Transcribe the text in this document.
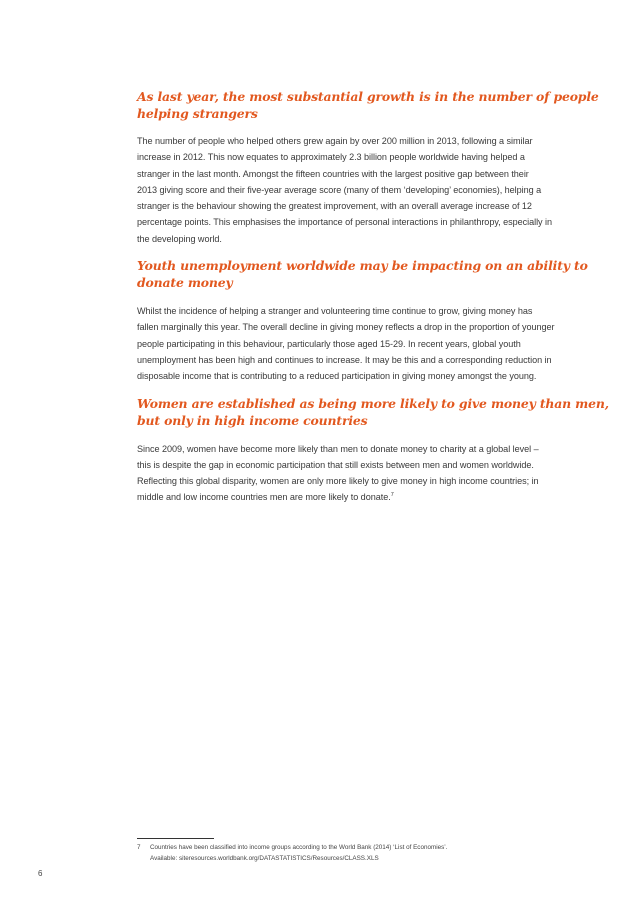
As last year, the most substantial growth is in the number of people
helping strangers

The number of people who helped others grew again by over 200 million in 2013, following a similar
increase in 2012. This now equates to approximately 2.3 billion people worldwide having helped a
stranger in the last month. Amongst the fifteen countries with the largest positive gap between their
2013 giving score and their five-year average score (many of them ‘developing’ economies), helping a
stranger is the behaviour showing the greatest improvement, with an overall average increase of 12
percentage points. This emphasises the importance of personal interactions in philanthropy, especially in
the developing world.

Youth unemployment worldwide may be impacting on an ability to
donate money

Whilst the incidence of helping a stranger and volunteering time continue to grow, giving money has
fallen marginally this year. The overall decline in giving money reflects a drop in the proportion of younger
people participating in this behaviour, particularly those aged 15-29. In recent years, global youth
unemployment has been high and continues to increase. It may be this and a corresponding reduction in
disposable income that is contributing to a reduced participation in giving money amongst the young.

Women are established as being more likely to give money than men,
but only in high income countries

Since 2009, women have become more likely than men to donate money to charity at a global level –
this is despite the gap in economic participation that still exists between men and women worldwide.
Reflecting this global disparity, women are only more likely to give money in high income countries; in
middle and low income countries men are more likely to donate.$^7$

7 Countries have been classified into income groups according to the World Bank (2014) ‘List of Economies’.
Available: siteresources.worldbank.org/DATASTATISTICS/Resources/CLASS.XLS
6
